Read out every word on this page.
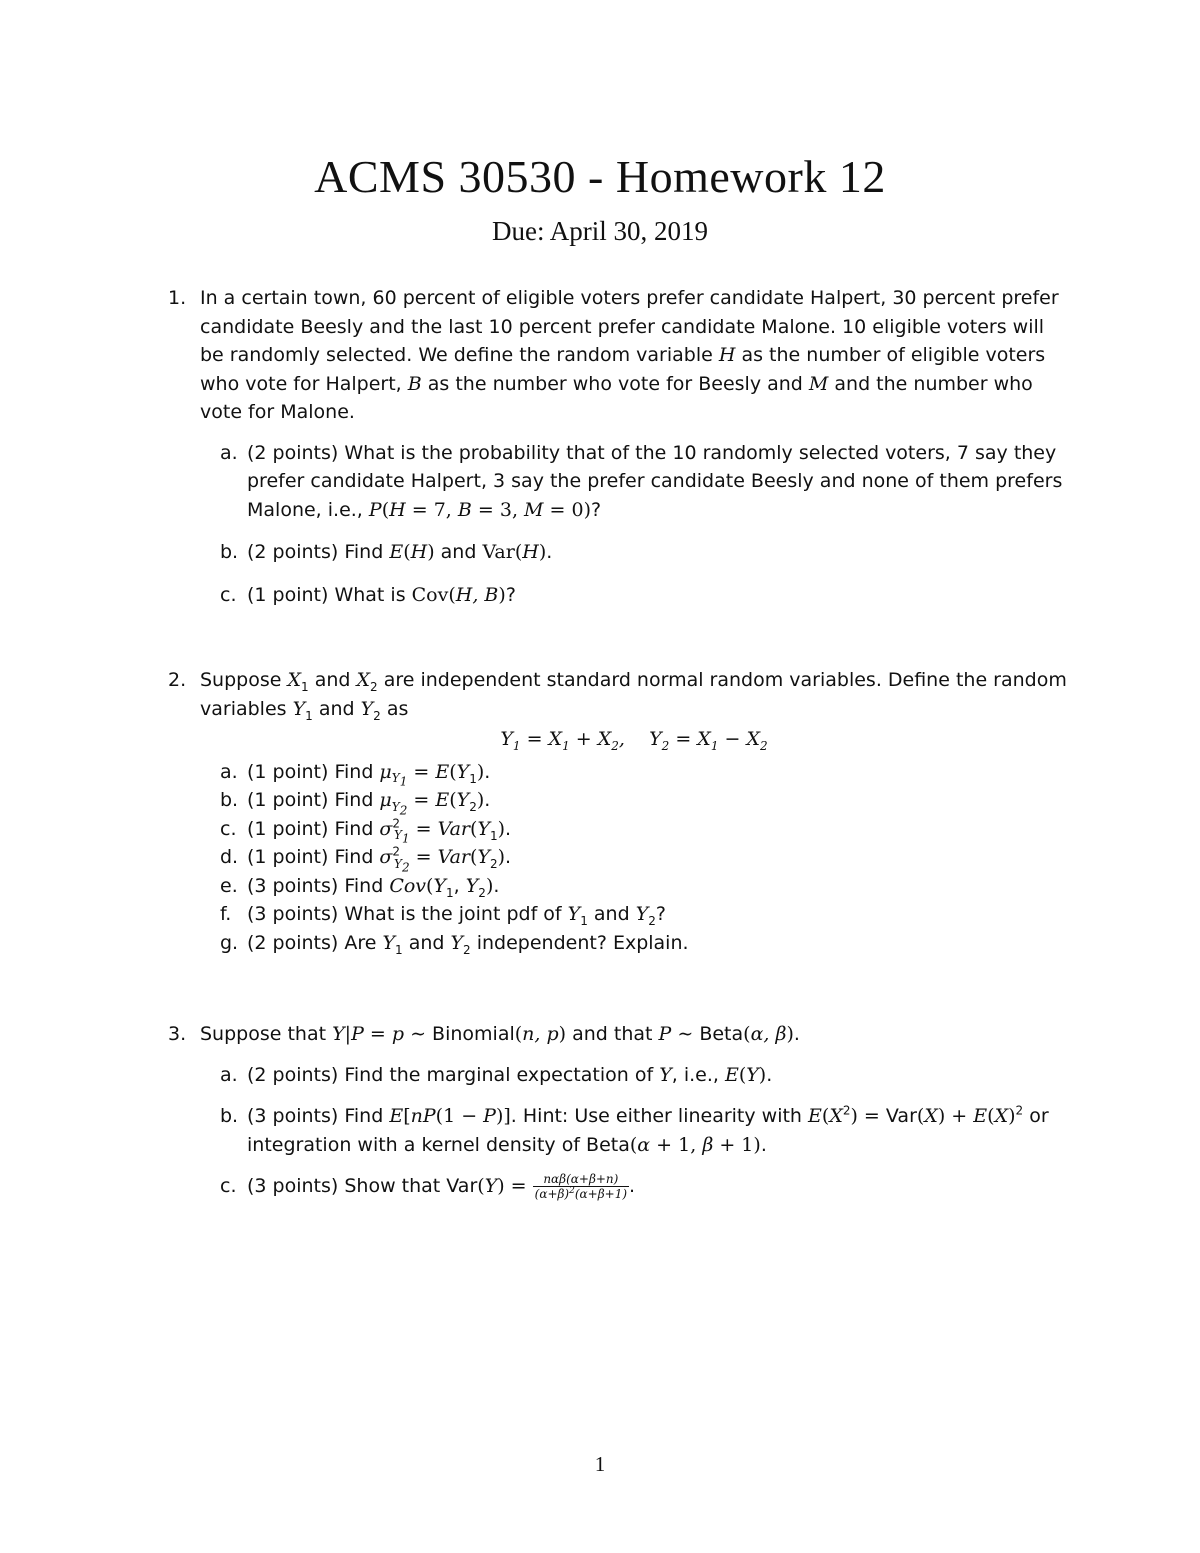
ACMS 30530 - Homework 12
Due: April 30, 2019
1. In a certain town, 60 percent of eligible voters prefer candidate Halpert, 30 percent prefer candidate Beesly and the last 10 percent prefer candidate Malone. 10 eligible voters will be randomly selected. We define the random variable H as the number of eligible voters who vote for Halpert, B as the number who vote for Beesly and M and the number who vote for Malone.
a. (2 points) What is the probability that of the 10 randomly selected voters, 7 say they prefer candidate Halpert, 3 say the prefer candidate Beesly and none of them prefers Malone, i.e., P(H = 7, B = 3, M = 0)?
b. (2 points) Find E(H) and Var(H).
c. (1 point) What is Cov(H, B)?
2. Suppose $X_1$ and $X_2$ are independent standard normal random variables. Define the random variables $Y_1$ and $Y_2$ as
$Y_1 = X_1 + X_2$,    $Y_2 = X_1 - X_2$
a. (1 point) Find $\mu_{Y_1} = E(Y_1)$.
b. (1 point) Find $\mu_{Y_2} = E(Y_2)$.
c. (1 point) Find $\sigma^2_{Y_1} = Var(Y_1)$.
d. (1 point) Find $\sigma^2_{Y_2} = Var(Y_2)$.
e. (3 points) Find $Cov(Y_1$, $Y_2$).
f. (3 points) What is the joint pdf of $Y_1$ and $Y_2$?
g. (2 points) Are $Y_1$ and $Y_2$ independent? Explain.
3. Suppose that Y|P = p ∼ Binomial(n, p) and that P ∼ Beta(α, β).
a. (2 points) Find the marginal expectation of Y, i.e., E(Y).
b. (3 points) Find E[nP(1 − P)]. Hint: Use either linearity with $E(X^2) = Var(X) + E(X)^2$ or integration with a kernel density of Beta(α + 1, β + 1).
c. (3 points) Show that $Var(Y) = \frac{\text{nαβ(α+β+n)}}{(\alpha+\beta)^2(\alpha+\beta+1)}$ .
1
